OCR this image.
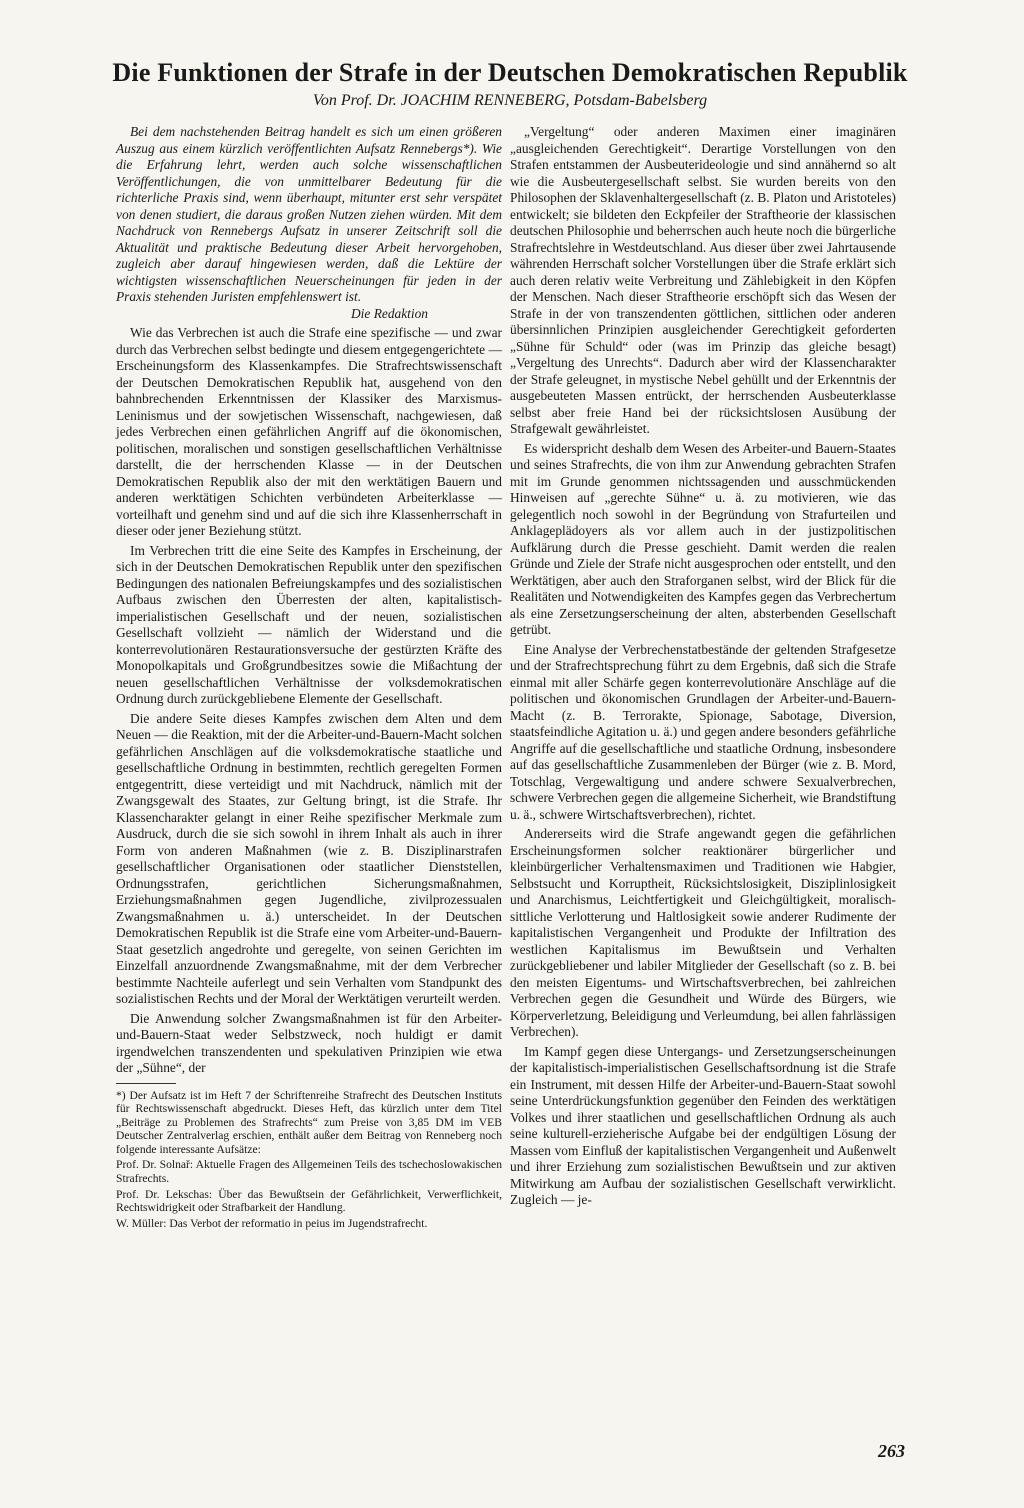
Die Funktionen der Strafe in der Deutschen Demokratischen Republik
Von Prof. Dr. JOACHIM RENNEBERG, Potsdam-Babelsberg

Bei dem nachstehenden Beitrag handelt es sich um einen größeren Auszug aus einem kürzlich veröffentlichten Aufsatz Rennebergs*). Wie die Erfahrung lehrt, werden auch solche wissenschaftlichen Veröffentlichungen, die von unmittelbarer Bedeutung für die richterliche Praxis sind, wenn überhaupt, mitunter erst sehr verspätet von denen studiert, die daraus großen Nutzen ziehen würden. Mit dem Nachdruck von Rennebergs Aufsatz in unserer Zeitschrift soll die Aktualität und praktische Bedeutung dieser Arbeit hervorgehoben, zugleich aber darauf hingewiesen werden, daß die Lektüre der wichtigsten wissenschaftlichen Neuerscheinungen für jeden in der Praxis stehenden Juristen empfehlenswert ist.

Die Redaktion

Wie das Verbrechen ist auch die Strafe eine spezifische — und zwar durch das Verbrechen selbst bedingte und diesem entgegengerichtete — Erscheinungsform des Klassenkampfes. Die Strafrechtswissenschaft der Deutschen Demokratischen Republik hat, ausgehend von den bahnbrechenden Erkenntnissen der Klassiker des Marxismus-Leninismus und der sowjetischen Wissenschaft, nachgewiesen, daß jedes Verbrechen einen gefährlichen Angriff auf die ökonomischen, politischen, moralischen und sonstigen gesellschaftlichen Verhältnisse darstellt, die der herrschenden Klasse — in der Deutschen Demokratischen Republik also der mit den werktätigen Bauern und anderen werktätigen Schichten verbündeten Arbeiterklasse — vorteilhaft und genehm sind und auf die sich ihre Klassenherrschaft in dieser oder jener Beziehung stützt.

Im Verbrechen tritt die eine Seite des Kampfes in Erscheinung, der sich in der Deutschen Demokratischen Republik unter den spezifischen Bedingungen des nationalen Befreiungskampfes und des sozialistischen Aufbaus zwischen den Überresten der alten, kapitalistisch-imperialistischen Gesellschaft und der neuen, sozialistischen Gesellschaft vollzieht — nämlich der Widerstand und die konterrevolutionären Restaurationsversuche der gestürzten Kräfte des Monopolkapitals und Großgrundbesitzes sowie die Mißachtung der neuen gesellschaftlichen Verhältnisse der volksdemokratischen Ordnung durch zurückgebliebene Elemente der Gesellschaft.

Die andere Seite dieses Kampfes zwischen dem Alten und dem Neuen — die Reaktion, mit der die Arbeiter-und-Bauern-Macht solchen gefährlichen Anschlägen auf die volksdemokratische staatliche und gesellschaftliche Ordnung in bestimmten, rechtlich geregelten Formen entgegentritt, diese verteidigt und mit Nachdruck, nämlich mit der Zwangsgewalt des Staates, zur Geltung bringt, ist die Strafe. Ihr Klassencharakter gelangt in einer Reihe spezifischer Merkmale zum Ausdruck, durch die sie sich sowohl in ihrem Inhalt als auch in ihrer Form von anderen Maßnahmen (wie z. B. Disziplinarstrafen gesellschaftlicher Organisationen oder staatlicher Dienststellen, Ordnungsstrafen, gerichtlichen Sicherungsmaßnahmen, Erziehungsmaßnahmen gegen Jugendliche, zivilprozessualen Zwangsmaßnahmen u. ä.) unterscheidet. In der Deutschen Demokratischen Republik ist die Strafe eine vom Arbeiter-und-Bauern-Staat gesetzlich angedrohte und geregelte, von seinen Gerichten im Einzelfall anzuordnende Zwangsmaßnahme, mit der dem Verbrecher bestimmte Nachteile auferlegt und sein Verhalten vom Standpunkt des sozialistischen Rechts und der Moral der Werktätigen verurteilt werden.

Die Anwendung solcher Zwangsmaßnahmen ist für den Arbeiter-und-Bauern-Staat weder Selbstzweck, noch huldigt er damit irgendwelchen transzendenten und spekulativen Prinzipien wie etwa der „Sühne“, der

*) Der Aufsatz ist im Heft 7 der Schriftenreihe Strafrecht des Deutschen Instituts für Rechtswissenschaft abgedruckt. Dieses Heft, das kürzlich unter dem Titel „Beiträge zu Problemen des Strafrechts“ zum Preise von 3,85 DM im VEB Deutscher Zentralverlag erschien, enthält außer dem Beitrag von Renneberg noch folgende interessante Aufsätze:

Prof. Dr. Solnař: Aktuelle Fragen des Allgemeinen Teils des tschechoslowakischen Strafrechts.

Prof. Dr. Lekschas: Über das Bewußtsein der Gefährlichkeit, Verwerflichkeit, Rechtswidrigkeit oder Strafbarkeit der Handlung.

W. Müller: Das Verbot der reformatio in peius im Jugendstrafrecht.

„Vergeltung“ oder anderen Maximen einer imaginären „ausgleichenden Gerechtigkeit“. Derartige Vorstellungen von den Strafen entstammen der Ausbeuterideologie und sind annähernd so alt wie die Ausbeutergesellschaft selbst. Sie wurden bereits von den Philosophen der Sklavenhaltergesellschaft (z. B. Platon und Aristoteles) entwickelt; sie bildeten den Eckpfeiler der Straftheorie der klassischen deutschen Philosophie und beherrschen auch heute noch die bürgerliche Strafrechtslehre in Westdeutschland. Aus dieser über zwei Jahrtausende währenden Herrschaft solcher Vorstellungen über die Strafe erklärt sich auch deren relativ weite Verbreitung und Zählebigkeit in den Köpfen der Menschen. Nach dieser Straftheorie erschöpft sich das Wesen der Strafe in der von transzendenten göttlichen, sittlichen oder anderen übersinnlichen Prinzipien ausgleichender Gerechtigkeit geforderten „Sühne für Schuld“ oder (was im Prinzip das gleiche besagt) „Vergeltung des Unrechts“. Dadurch aber wird der Klassencharakter der Strafe geleugnet, in mystische Nebel gehüllt und der Erkenntnis der ausgebeuteten Massen entrückt, der herrschenden Ausbeuterklasse selbst aber freie Hand bei der rücksichtslosen Ausübung der Strafgewalt gewährleistet.

Es widerspricht deshalb dem Wesen des Arbeiter-und Bauern-Staates und seines Strafrechts, die von ihm zur Anwendung gebrachten Strafen mit im Grunde genommen nichtssagenden und ausschmückenden Hinweisen auf „gerechte Sühne“ u. ä. zu motivieren, wie das gelegentlich noch sowohl in der Begründung von Strafurteilen und Anklageplädoyers als vor allem auch in der justizpolitischen Aufklärung durch die Presse geschieht. Damit werden die realen Gründe und Ziele der Strafe nicht ausgesprochen oder entstellt, und den Werktätigen, aber auch den Straforganen selbst, wird der Blick für die Realitäten und Notwendigkeiten des Kampfes gegen das Verbrechertum als eine Zersetzungserscheinung der alten, absterbenden Gesellschaft getrübt.

Eine Analyse der Verbrechenstatbestände der geltenden Strafgesetze und der Strafrechtsprechung führt zu dem Ergebnis, daß sich die Strafe einmal mit aller Schärfe gegen konterrevolutionäre Anschläge auf die politischen und ökonomischen Grundlagen der Arbeiter-und-Bauern-Macht (z. B. Terrorakte, Spionage, Sabotage, Diversion, staatsfeindliche Agitation u. ä.) und gegen andere besonders gefährliche Angriffe auf die gesellschaftliche und staatliche Ordnung, insbesondere auf das gesellschaftliche Zusammenleben der Bürger (wie z. B. Mord, Totschlag, Vergewaltigung und andere schwere Sexualverbrechen, schwere Verbrechen gegen die allgemeine Sicherheit, wie Brandstiftung u. ä., schwere Wirtschaftsverbrechen), richtet.

Andererseits wird die Strafe angewandt gegen die gefährlichen Erscheinungsformen solcher reaktionärer bürgerlicher und kleinbürgerlicher Verhaltensmaximen und Traditionen wie Habgier, Selbstsucht und Korruptheit, Rücksichtslosigkeit, Disziplinlosigkeit und Anarchismus, Leichtfertigkeit und Gleichgültigkeit, moralisch-sittliche Verlotterung und Haltlosigkeit sowie anderer Rudimente der kapitalistischen Vergangenheit und Produkte der Infiltration des westlichen Kapitalismus im Bewußtsein und Verhalten zurückgebliebener und labiler Mitglieder der Gesellschaft (so z. B. bei den meisten Eigentums- und Wirtschaftsverbrechen, bei zahlreichen Verbrechen gegen die Gesundheit und Würde des Bürgers, wie Körperverletzung, Beleidigung und Verleumdung, bei allen fahrlässigen Verbrechen).

Im Kampf gegen diese Untergangs- und Zersetzungserscheinungen der kapitalistisch-imperialistischen Gesellschaftsordnung ist die Strafe ein Instrument, mit dessen Hilfe der Arbeiter-und-Bauern-Staat sowohl seine Unterdrückungsfunktion gegenüber den Feinden des werktätigen Volkes und ihrer staatlichen und gesellschaftlichen Ordnung als auch seine kulturell-erzieherische Aufgabe bei der endgültigen Lösung der Massen vom Einfluß der kapitalistischen Vergangenheit und Außenwelt und ihrer Erziehung zum sozialistischen Bewußtsein und zur aktiven Mitwirkung am Aufbau der sozialistischen Gesellschaft verwirklicht. Zugleich — je-

263
